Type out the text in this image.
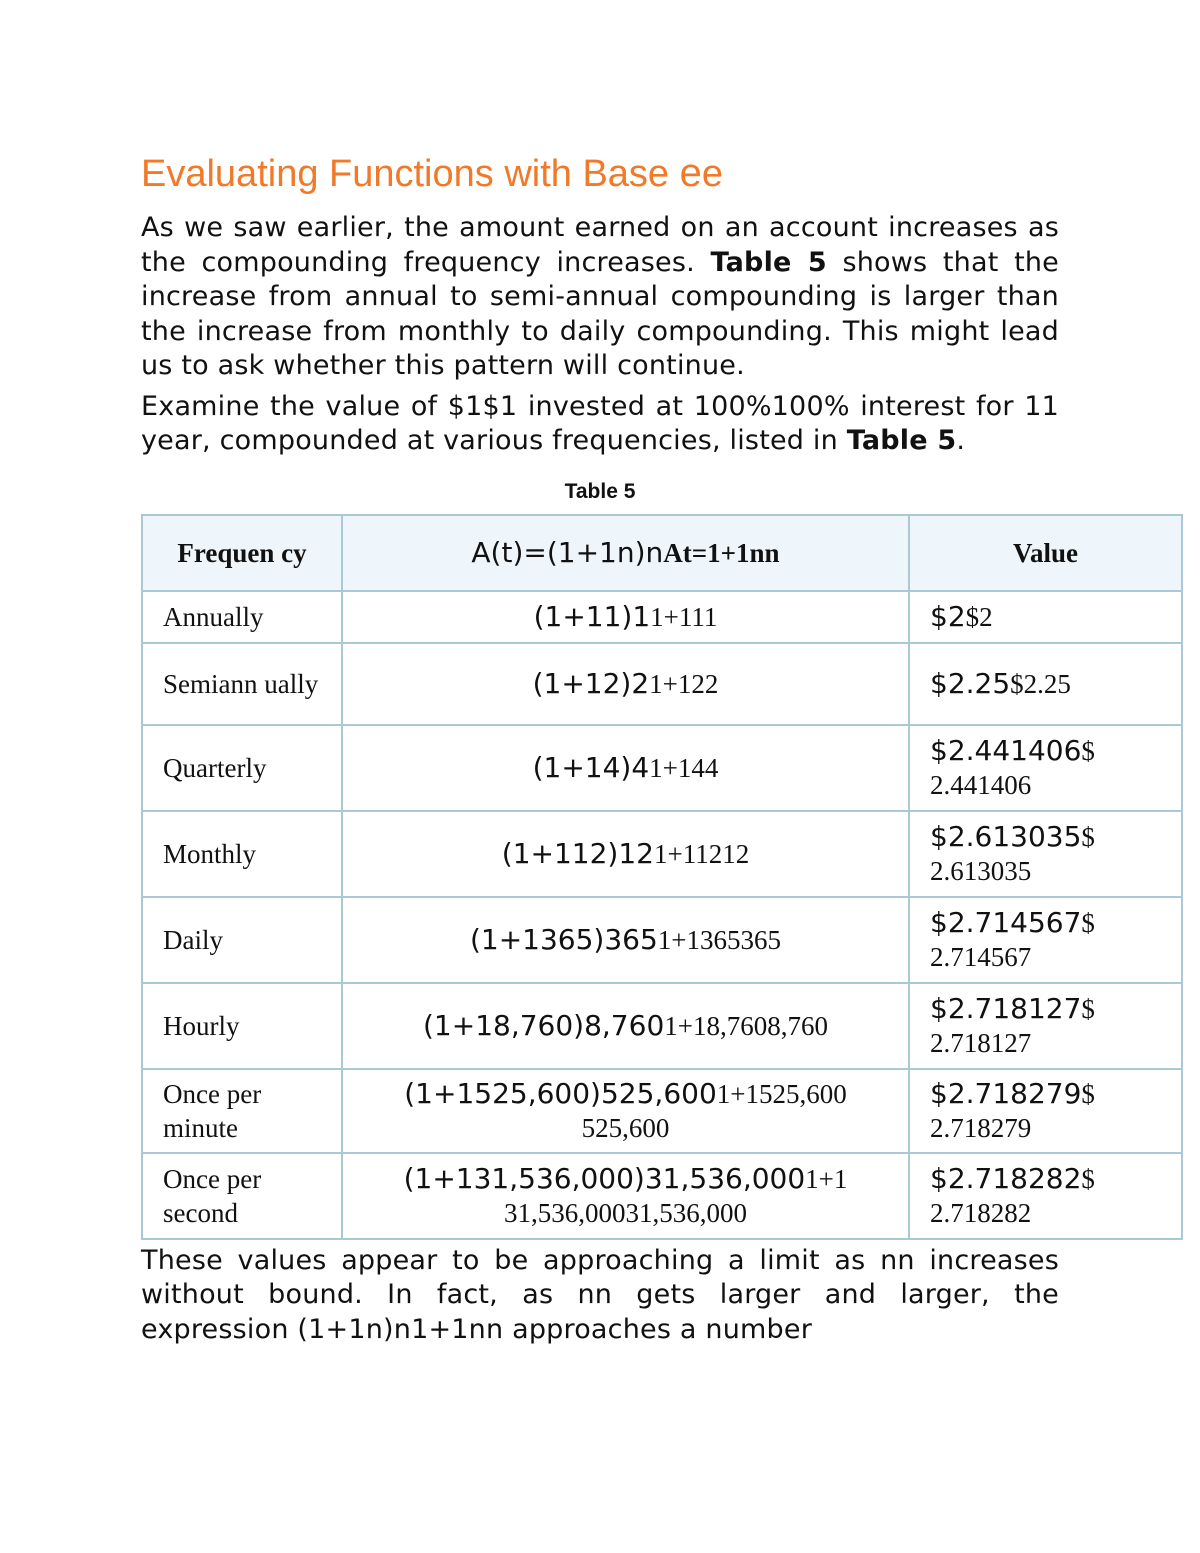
Evaluating Functions with Base ee

As we saw earlier, the amount earned on an account increases as the compounding frequency increases. Table 5 shows that the increase from annual to semi-annual compounding is larger than the increase from monthly to daily compounding. This might lead us to ask whether this pattern will continue.

Examine the value of $1$1 invested at 100%100% interest for 11 year, compounded at various frequencies, listed in Table 5.

Table 5
Frequen cy	A(t)=(1+1n)nAt=1+1nn	Value
Annually	(1+11)11+111	$2$2
Semiann ually	(1+12)21+122	$2.25$2.25
Quarterly	(1+14)41+144	$2.441406$ 2.441406
Monthly	(1+112)121+11212	$2.613035$ 2.613035
Daily	(1+1365)3651+1365365	$2.714567$ 2.714567
Hourly	(1+18,760)8,7601+18,7608,760	$2.718127$ 2.718127
Once per minute	(1+1525,600)525,6001+1525,600 525,600	$2.718279$ 2.718279
Once per second	(1+131,536,000)31,536,0001+1 31,536,00031,536,000	$2.718282$ 2.718282

These values appear to be approaching a limit as nn increases without bound. In fact, as nn gets larger and larger, the expression (1+1n)n1+1nn approaches a number
